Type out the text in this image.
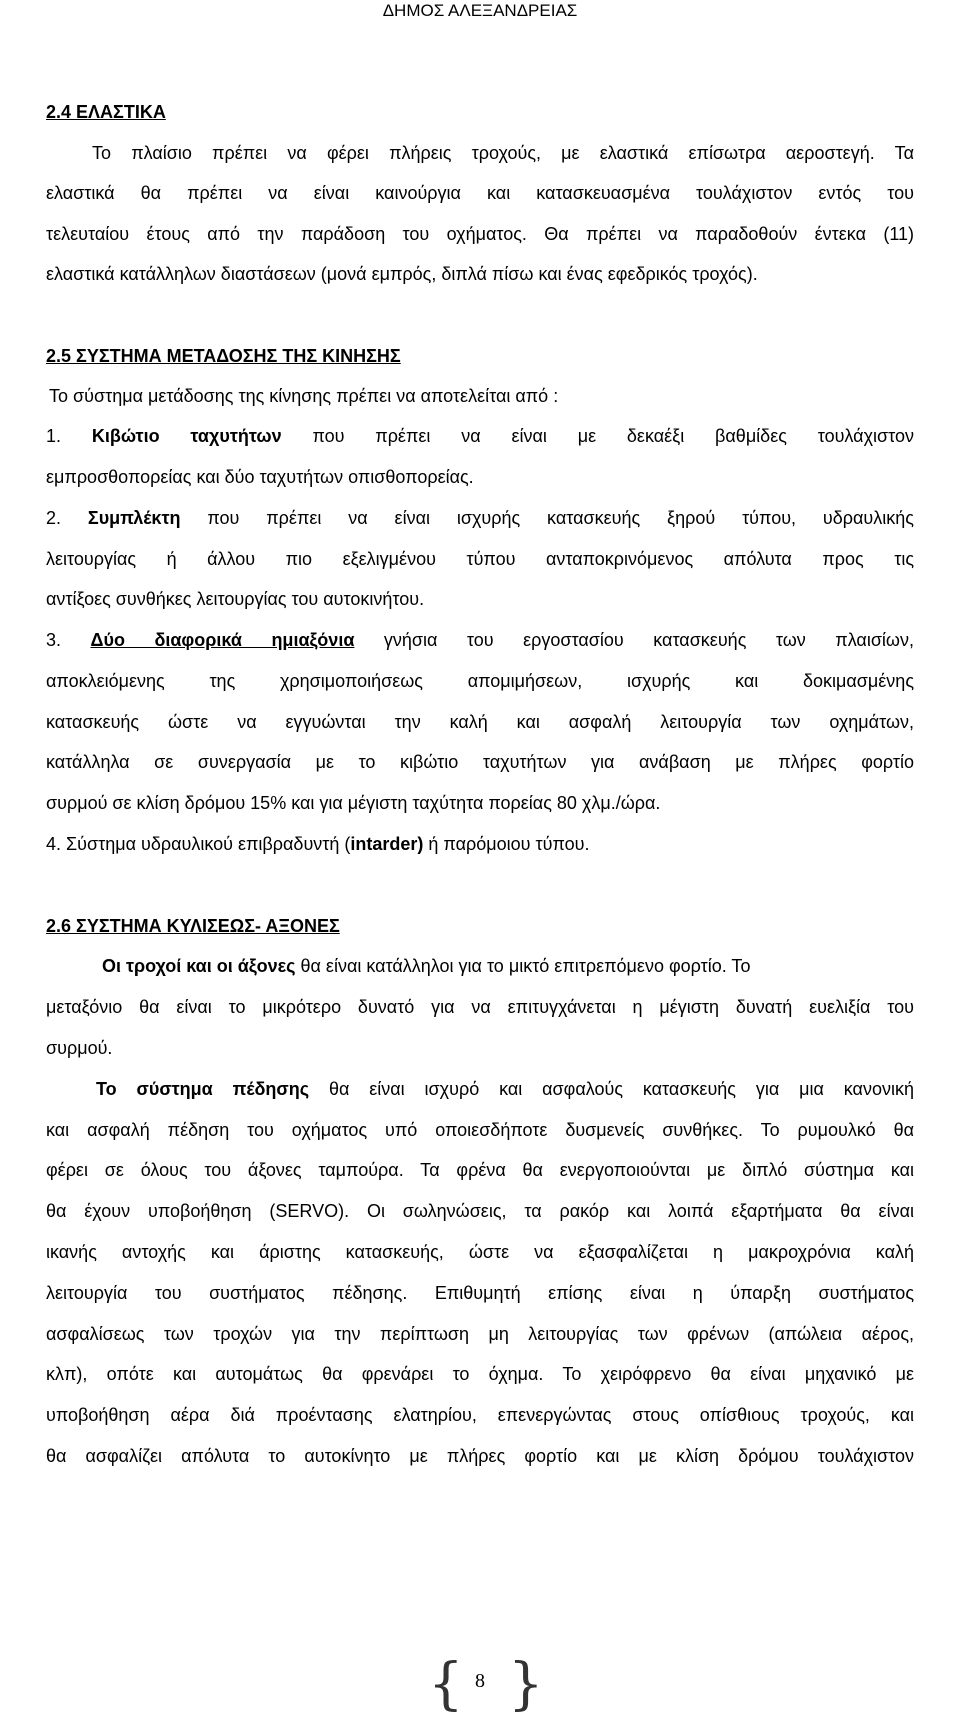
ΔΗΜΟΣ ΑΛΕΞΑΝΔΡΕΙΑΣ
2.4 ΕΛΑΣΤΙΚΑ
Το πλαίσιο πρέπει να φέρει πλήρεις τροχούς, με ελαστικά επίσωτρα αεροστεγή. Τα
ελαστικά θα πρέπει να είναι καινούργια και κατασκευασμένα τουλάχιστον εντός του
τελευταίου έτους από την παράδοση του οχήματος. Θα πρέπει να παραδοθούν έντεκα (11)
ελαστικά κατάλληλων διαστάσεων (μονά εμπρός, διπλά πίσω και ένας εφεδρικός τροχός).
2.5 ΣΥΣΤΗΜΑ ΜΕΤΑΔΟΣΗΣ ΤΗΣ ΚΙΝΗΣΗΣ
Το σύστημα μετάδοσης της κίνησης πρέπει να αποτελείται από :
1. Κιβώτιο ταχυτήτων που πρέπει να είναι με δεκαέξι βαθμίδες τουλάχιστον
εμπροσθοπορείας και δύο ταχυτήτων οπισθοπορείας.
2. Συμπλέκτη που πρέπει να είναι ισχυρής κατασκευής ξηρού τύπου, υδραυλικής
λειτουργίας ή άλλου πιο εξελιγμένου τύπου ανταποκρινόμενος απόλυτα προς τις
αντίξοες συνθήκες λειτουργίας του αυτοκινήτου.
3. Δύο διαφορικά ημιαξόνια γνήσια του εργοστασίου κατασκευής των πλαισίων,
αποκλειόμενης της χρησιμοποιήσεως απομιμήσεων, ισχυρής και δοκιμασμένης
κατασκευής ώστε να εγγυώνται την καλή και ασφαλή λειτουργία των οχημάτων,
κατάλληλα σε συνεργασία με το κιβώτιο ταχυτήτων για ανάβαση με πλήρες φορτίο
συρμού σε κλίση δρόμου 15% και για μέγιστη ταχύτητα πορείας 80 χλμ./ώρα.
4. Σύστημα υδραυλικού επιβραδυντή (intarder) ή παρόμοιου τύπου.
2.6 ΣΥΣΤΗΜΑ ΚΥΛΙΣΕΩΣ- ΑΞΟΝΕΣ
Οι τροχοί και οι άξονες θα είναι κατάλληλοι για το μικτό επιτρεπόμενο φορτίο. Το
μεταξόνιο θα είναι το μικρότερο δυνατό για να επιτυγχάνεται η μέγιστη δυνατή ευελιξία του
συρμού.
Το σύστημα πέδησης θα είναι ισχυρό και ασφαλούς κατασκευής για μια κανονική
και ασφαλή πέδηση του οχήματος υπό οποιεσδήποτε δυσμενείς συνθήκες. Το ρυμουλκό θα
φέρει σε όλους του άξονες ταμπούρα. Τα φρένα θα ενεργοποιούνται με διπλό σύστημα και
θα έχουν υποβοήθηση (SERVO). Οι σωληνώσεις, τα ρακόρ και λοιπά εξαρτήματα θα είναι
ικανής αντοχής και άριστης κατασκευής, ώστε να εξασφαλίζεται η μακροχρόνια καλή
λειτουργία του συστήματος πέδησης. Επιθυμητή επίσης είναι η ύπαρξη συστήματος
ασφαλίσεως των τροχών για την περίπτωση μη λειτουργίας των φρένων (απώλεια αέρος,
κλπ), οπότε και αυτομάτως θα φρενάρει το όχημα. Το χειρόφρενο θα είναι μηχανικό με
υποβοήθηση αέρα διά προέντασης ελατηρίου, επενεργώντας στους οπίσθιους τροχούς, και
θα ασφαλίζει απόλυτα το αυτοκίνητο με πλήρες φορτίο και με κλίση δρόμου τουλάχιστον
{ 8 }
